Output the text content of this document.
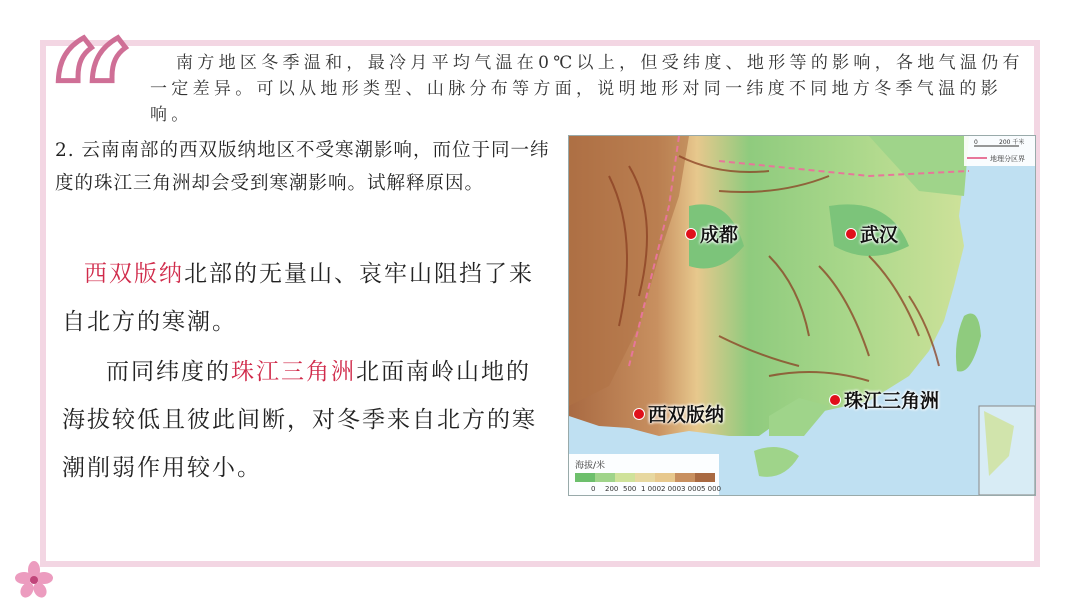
“	南方地区冬季温和，最冷月平均气温在0℃以上，但受纬度、地形等的影响，各地气温仍有一定差异。可以从地形类型、山脉分布等方面，说明地形对同一纬度不同地方冬季气温的影响。
2. 云南南部的西双版纳地区不受寒潮影响，而位于同一纬度的珠江三角洲却会受到寒潮影响。试解释原因。

西双版纳北部的无量山、哀牢山阻挡了来自北方的寒潮。

而同纬度的珠江三角洲北面南岭山地的海拔较低且彼此间断，对冬季来自北方的寒潮削弱作用较小。	海拔/米
0 200 500 1 000 2 000 3 000 5 000
0	200 千米
地理分区界
成都	武汉
珠江三角洲
西双版纳
